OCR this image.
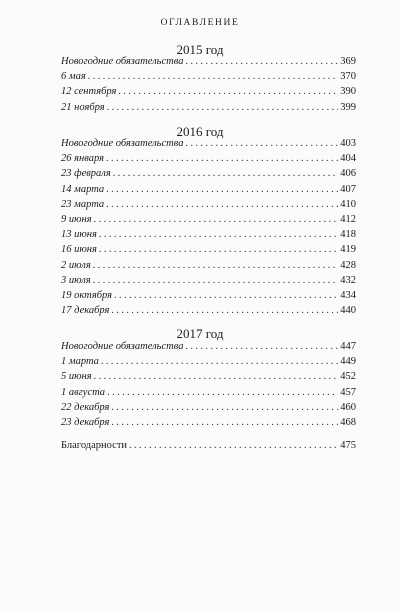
ОГЛАВЛЕНИЕ
2015 год
Новогодние обязательства . . .	369
6 мая . . .	370
12 сентября . . .	390
21 ноября . . .	399
2016 год
Новогодние обязательства . . .	403
26 января . . .	404
23 февраля . . .	406
14 марта . . .	407
23 марта . . .	410
9 июня . . .	412
13 июня . . .	418
16 июня . . .	419
2 июля . . .	428
3 июля . . .	432
19 октября . . .	434
17 декабря . . .	440
2017 год
Новогодние обязательства . . .	447
1 марта . . .	449
5 июня . . .	452
1 августа . . .	457
22 декабря . . .	460
23 декабря . . .	468
Благодарности . . .	475
